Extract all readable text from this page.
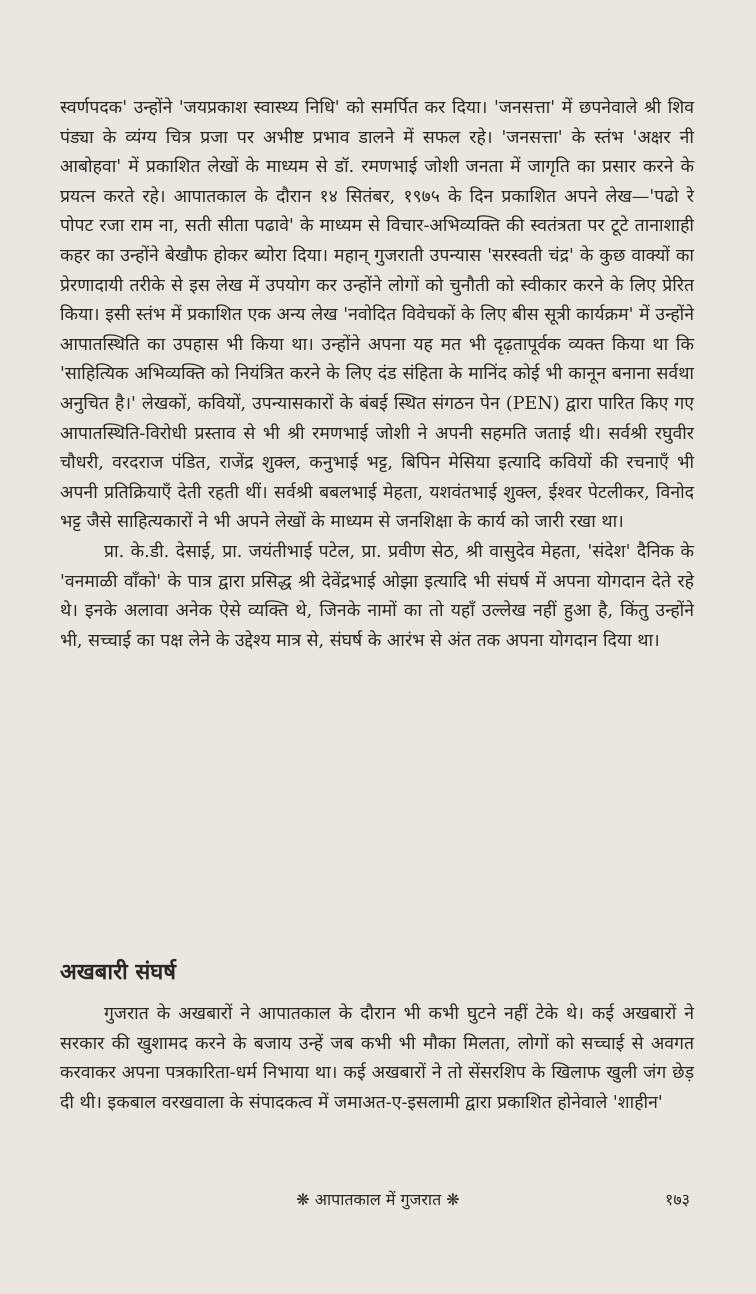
स्वर्णपदक' उन्होंने 'जयप्रकाश स्वास्थ्य निधि' को समर्पित कर दिया। 'जनसत्ता' में छपनेवाले श्री शिव पंड्या के व्यंग्य चित्र प्रजा पर अभीष्ट प्रभाव डालने में सफल रहे। 'जनसत्ता' के स्तंभ 'अक्षर नी आबोहवा' में प्रकाशित लेखों के माध्यम से डॉ. रमणभाई जोशी जनता में जागृति का प्रसार करने के प्रयत्न करते रहे। आपातकाल के दौरान १४ सितंबर, १९७५ के दिन प्रकाशित अपने लेख—'पढो रे पोपट रजा राम ना, सती सीता पढावे' के माध्यम से विचार-अभिव्यक्ति की स्वतंत्रता पर टूटे तानाशाही कहर का उन्होंने बेखौफ होकर ब्योरा दिया। महान् गुजराती उपन्यास 'सरस्वती चंद्र' के कुछ वाक्यों का प्रेरणादायी तरीके से इस लेख में उपयोग कर उन्होंने लोगों को चुनौती को स्वीकार करने के लिए प्रेरित किया। इसी स्तंभ में प्रकाशित एक अन्य लेख 'नवोदित विवेचकों के लिए बीस सूत्री कार्यक्रम' में उन्होंने आपातस्थिति का उपहास भी किया था। उन्होंने अपना यह मत भी दृढ़तापूर्वक व्यक्त किया था कि 'साहित्यिक अभिव्यक्ति को नियंत्रित करने के लिए दंड संहिता के मानिंद कोई भी कानून बनाना सर्वथा अनुचित है।' लेखकों, कवियों, उपन्यासकारों के बंबई स्थित संगठन पेन (PEN) द्वारा पारित किए गए आपातस्थिति-विरोधी प्रस्ताव से भी श्री रमणभाई जोशी ने अपनी सहमति जताई थी। सर्वश्री रघुवीर चौधरी, वरदराज पंडित, राजेंद्र शुक्ल, कनुभाई भट्ट, बिपिन मेसिया इत्यादि कवियों की रचनाएँ भी अपनी प्रतिक्रियाएँ देती रहती थीं। सर्वश्री बबलभाई मेहता, यशवंतभाई शुक्ल, ईश्वर पेटलीकर, विनोद भट्ट जैसे साहित्यकारों ने भी अपने लेखों के माध्यम से जनशिक्षा के कार्य को जारी रखा था।

प्रा. के.डी. देसाई, प्रा. जयंतीभाई पटेल, प्रा. प्रवीण सेठ, श्री वासुदेव मेहता, 'संदेश' दैनिक के 'वनमाळी वाँको' के पात्र द्वारा प्रसिद्ध श्री देवेंद्रभाई ओझा इत्यादि भी संघर्ष में अपना योगदान देते रहे थे। इनके अलावा अनेक ऐसे व्यक्ति थे, जिनके नामों का तो यहाँ उल्लेख नहीं हुआ है, किंतु उन्होंने भी, सच्चाई का पक्ष लेने के उद्देश्य मात्र से, संघर्ष के आरंभ से अंत तक अपना योगदान दिया था।

अखबारी संघर्ष

गुजरात के अखबारों ने आपातकाल के दौरान भी कभी घुटने नहीं टेके थे। कई अखबारों ने सरकार की खुशामद करने के बजाय उन्हें जब कभी भी मौका मिलता, लोगों को सच्चाई से अवगत करवाकर अपना पत्रकारिता-धर्म निभाया था। कई अखबारों ने तो सेंसरशिप के खिलाफ खुली जंग छेड़ दी थी। इकबाल वरखवाला के संपादकत्व में जमाअत-ए-इसलामी द्वारा प्रकाशित होनेवाले 'शाहीन'

❋ आपातकाल में गुजरात ❋	१७३
